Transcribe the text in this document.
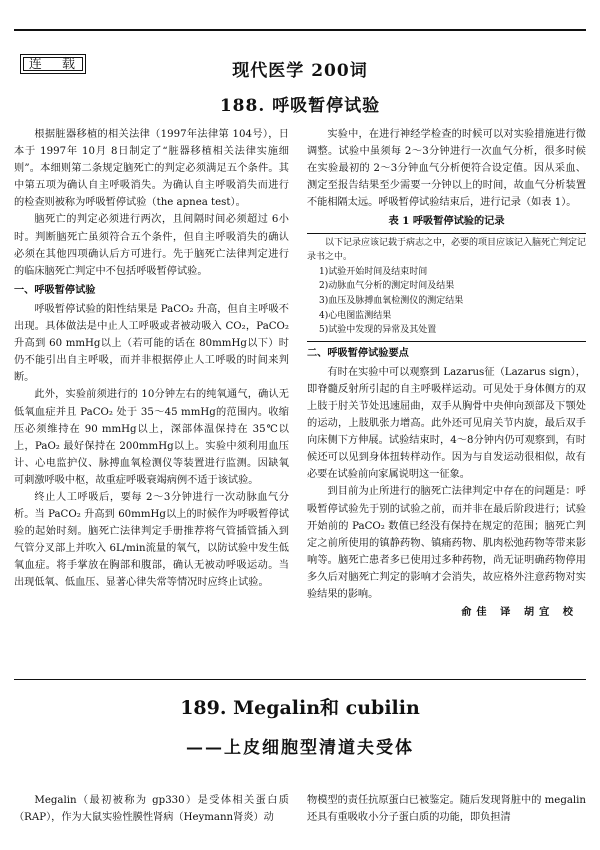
连 载	现代医学 200词
188. 呼吸暂停试验

根据脏器移植的相关法律（1997年法律第 104号），日本于 1997年 10月 8日制定了“脏器移植相关法律实施细则”。本细则第二条规定脑死亡的判定必须满足五个条件。其中第五项为确认自主呼吸消失。为确认自主呼吸消失而进行的检查则被称为呼吸暂停试验（the apnea test）。

脑死亡的判定必须进行两次，且间隔时间必须超过 6小时。判断脑死亡虽须符合五个条件，但自主呼吸消失的确认必须在其他四项确认后方可进行。先于脑死亡法律判定进行的临床脑死亡判定中不包括呼吸暂停试验。

一、呼吸暂停试验

呼吸暂停试验的阳性结果是 PaCO₂ 升高，但自主呼吸不出现。具体做法是中止人工呼吸或者被动吸入 CO₂，PaCO₂ 升高到 60 mmHg以上（若可能的话在 80mmHg以下）时仍不能引出自主呼吸，而并非根据停止人工呼吸的时间来判断。

此外，实验前须进行的 10分钟左右的纯氧通气，确认无低氧血症并且 PaCO₂ 处于 35～45 mmHg的范围内。收缩压必须维持在 90 mmHg以上，深部体温保持在 35℃以上，PaO₂ 最好保持在 200mmHg以上。实验中须利用血压计、心电监护仪、脉搏血氧检测仪等装置进行监测。因缺氧可刺激呼吸中枢，故重症呼吸衰竭病例不适于该试验。

终止人工呼吸后，要每 2～3分钟进行一次动脉血气分析。当 PaCO₂ 升高到 60mmHg以上的时候作为呼吸暂停试验的起始时刻。脑死亡法律判定手册推荐将气管插管插入到气管分叉部上并吹入 6L/min流量的氧气，以防试验中发生低氧血症。将手掌放在胸部和腹部，确认无被动呼吸运动。当出现低氧、低血压、显著心律失常等情况时应终止试验。

实验中，在进行神经学检查的时候可以对实验措施进行微调整。试验中虽须每 2～3分钟进行一次血气分析，很多时候在实验最初的 2～3分钟血气分析便符合设定值。因从采血、测定至报告结果至少需要一分钟以上的时间，故血气分析装置不能相隔太远。呼吸暂停试验结束后，进行记录（如表 1）。

表 1 呼吸暂停试验的记录
以下记录应该记载于病志之中，必要的项目应该记入脑死亡判定记录书之中。
1)试验开始时间及结束时间
2)动脉血气分析的测定时间及结果
3)血压及脉搏血氧检测仪的测定结果
4)心电图监测结果
5)试验中发现的异常及其处置
二、呼吸暂停试验要点

有时在实验中可以观察到 Lazarus征（Lazarus sign），即脊髓反射所引起的自主呼吸样运动。可见处于身体侧方的双上肢于肘关节处迅速屈曲，双手从胸骨中央伸向颈部及下颚处的运动，上肢肌张力增高。此外还可见肩关节内旋，最后双手向床侧下方伸展。试验结束时，4～8分钟内仍可观察到，有时候还可以见到身体扭转样动作。因为与自发运动很相似，故有必要在试验前向家属说明这一征象。

到目前为止所进行的脑死亡法律判定中存在的问题是：呼吸暂停试验先于别的试验之前，而并非在最后阶段进行；试验开始前的 PaCO₂ 数值已经没有保持在规定的范围；脑死亡判定之前所使用的镇静药物、镇痛药物、肌肉松弛药物等带来影响等。脑死亡患者多已使用过多种药物，尚无证明确药物停用多久后对脑死亡判定的影响才会消失，故应格外注意药物对实验结果的影响。

俞佳 译 胡宜 校
189. Megalin和 cubilin
——上皮细胞型清道夫受体

Megalin（最初被称为 gp330）是受体相关蛋白质（RAP），作为大鼠实验性膜性肾病（Heymann肾炎）动

物模型的责任抗原蛋白已被鉴定。随后发现肾脏中的 megalin还具有重吸收小分子蛋白质的功能，即负担清
